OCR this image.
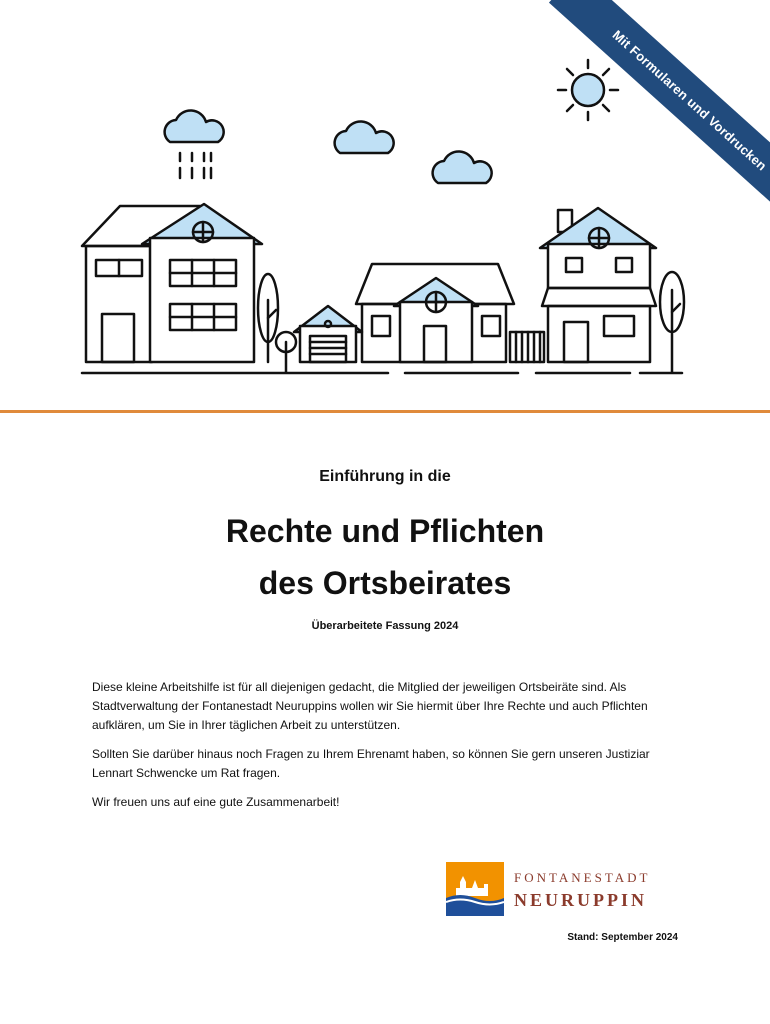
Mit Formularen und Vordrucken
Einführung in die
Rechte und Pflichten
des Ortsbeirates
Überarbeitete Fassung 2024

Diese kleine Arbeitshilfe ist für all diejenigen gedacht, die Mitglied der jeweiligen Ortsbeiräte sind. Als Stadtverwaltung der Fontanestadt Neuruppins wollen wir Sie hiermit über Ihre Rechte und auch Pflichten aufklären, um Sie in Ihrer täglichen Arbeit zu unterstützen.

Sollten Sie darüber hinaus noch Fragen zu Ihrem Ehrenamt haben, so können Sie gern unseren Justiziar Lennart Schwencke um Rat fragen.

Wir freuen uns auf eine gute Zusammenarbeit!

FONTANESTADT
NEURUPPIN
Stand: September 2024
